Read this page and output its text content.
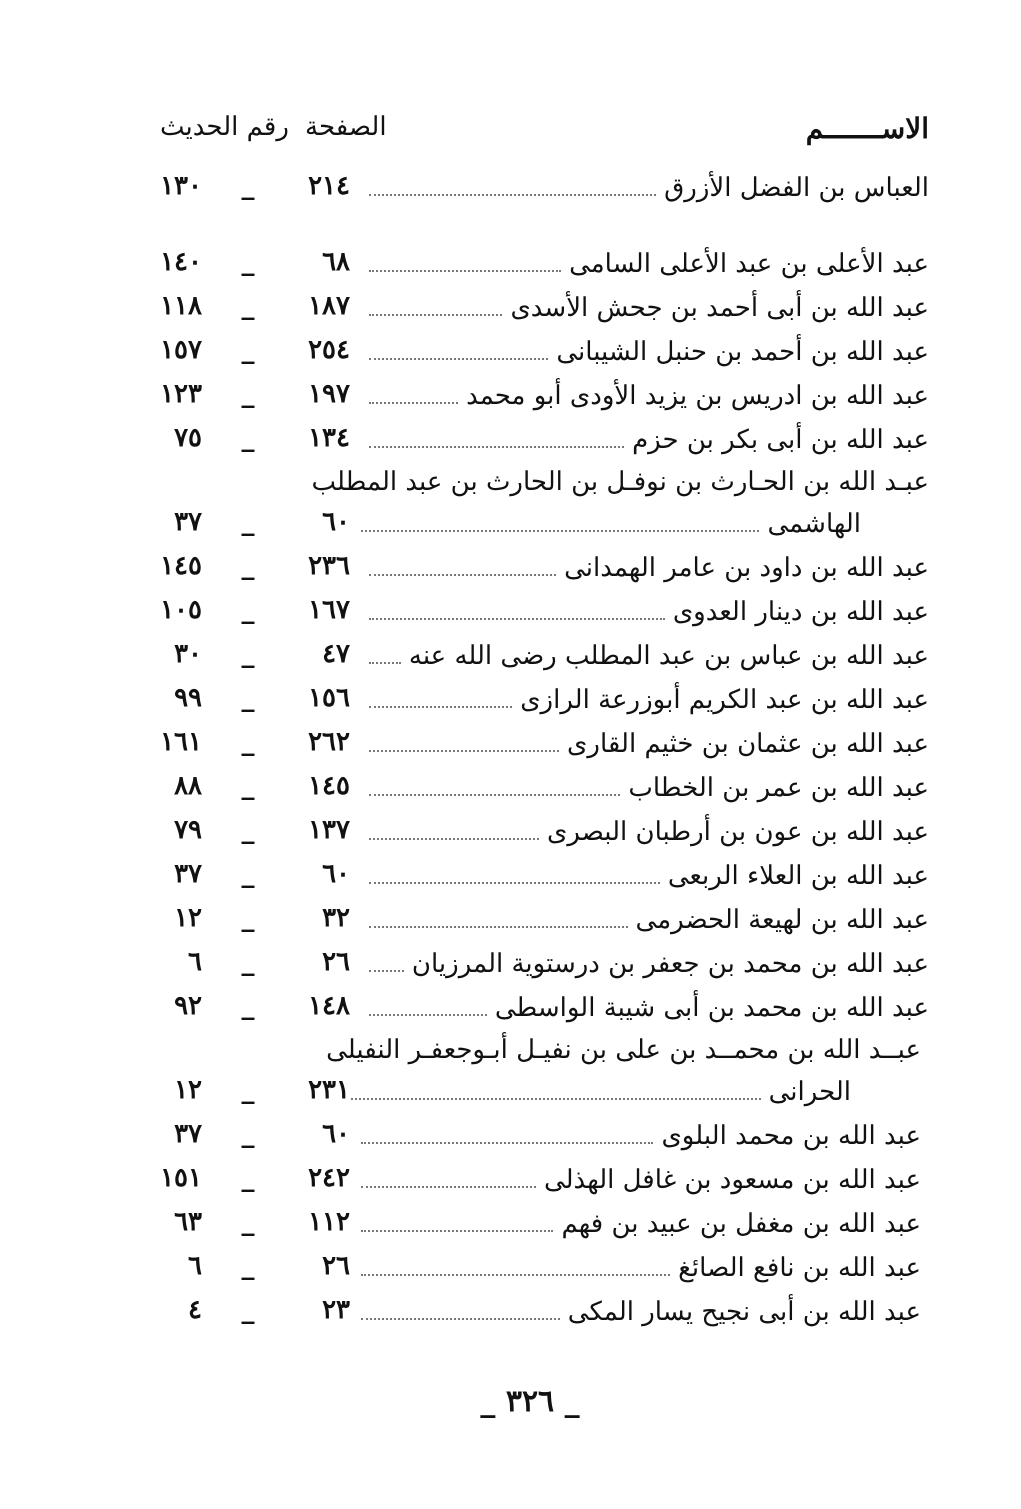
الاســـــــم
الصفحة
رقم الحديث
العباس بن الفضل الأزرق
٢١٤
_
١٣٠
عبد الأعلى بن عبد الأعلى السامى
٦٨
_
١٤٠
عبد الله بن أبى أحمد بن جحش الأسدى
١٨٧
_
١١٨
عبد الله بن أحمد بن حنبل الشيبانى
٢٥٤
_
١٥٧
عبد الله بن ادريس بن يزيد الأودى أبو محمد
١٩٧
_
١٢٣
عبد الله بن أبى بكر بن حزم
١٣٤
_
٧٥
عبـد الله بن الحـارث بن نوفـل بن الحارث بن عبد المطلب
الهاشمى
٦٠
_
٣٧
عبد الله بن داود بن عامر الهمدانى
٢٣٦
_
١٤٥
عبد الله بن دينار العدوى
١٦٧
_
١٠٥
عبد الله بن عباس بن عبد المطلب رضى الله عنه
٤٧
_
٣٠
عبد الله بن عبد الكريم أبوزرعة الرازى
١٥٦
_
٩٩
عبد الله بن عثمان بن خثيم القارى
٢٦٢
_
١٦١
عبد الله بن عمر بن الخطاب
١٤٥
_
٨٨
عبد الله بن عون بن أرطبان البصرى
١٣٧
_
٧٩
عبد الله بن العلاء الربعى
٦٠
_
٣٧
عبد الله بن لهيعة الحضرمى
٣٢
_
١٢
عبد الله بن محمد بن جعفر بن درستوية المرزيان
٢٦
_
٦
عبد الله بن محمد بن أبى شيبة الواسطى
١٤٨
_
٩٢
عبــد الله بن محمــد بن على بن نفيـل أبـوجعفـر النفيلى
الحرانى
٢٣١
_
١٢
عبد الله بن محمد البلوى
٦٠
_
٣٧
عبد الله بن مسعود بن غافل الهذلى
٢٤٢
_
١٥١
عبد الله بن مغفل بن عبيد بن فهم
١١٢
_
٦٣
عبد الله بن نافع الصائغ
٢٦
_
٦
عبد الله بن أبى نجيح يسار المكى
٢٣
_
٤
_ ٣٢٦ _
